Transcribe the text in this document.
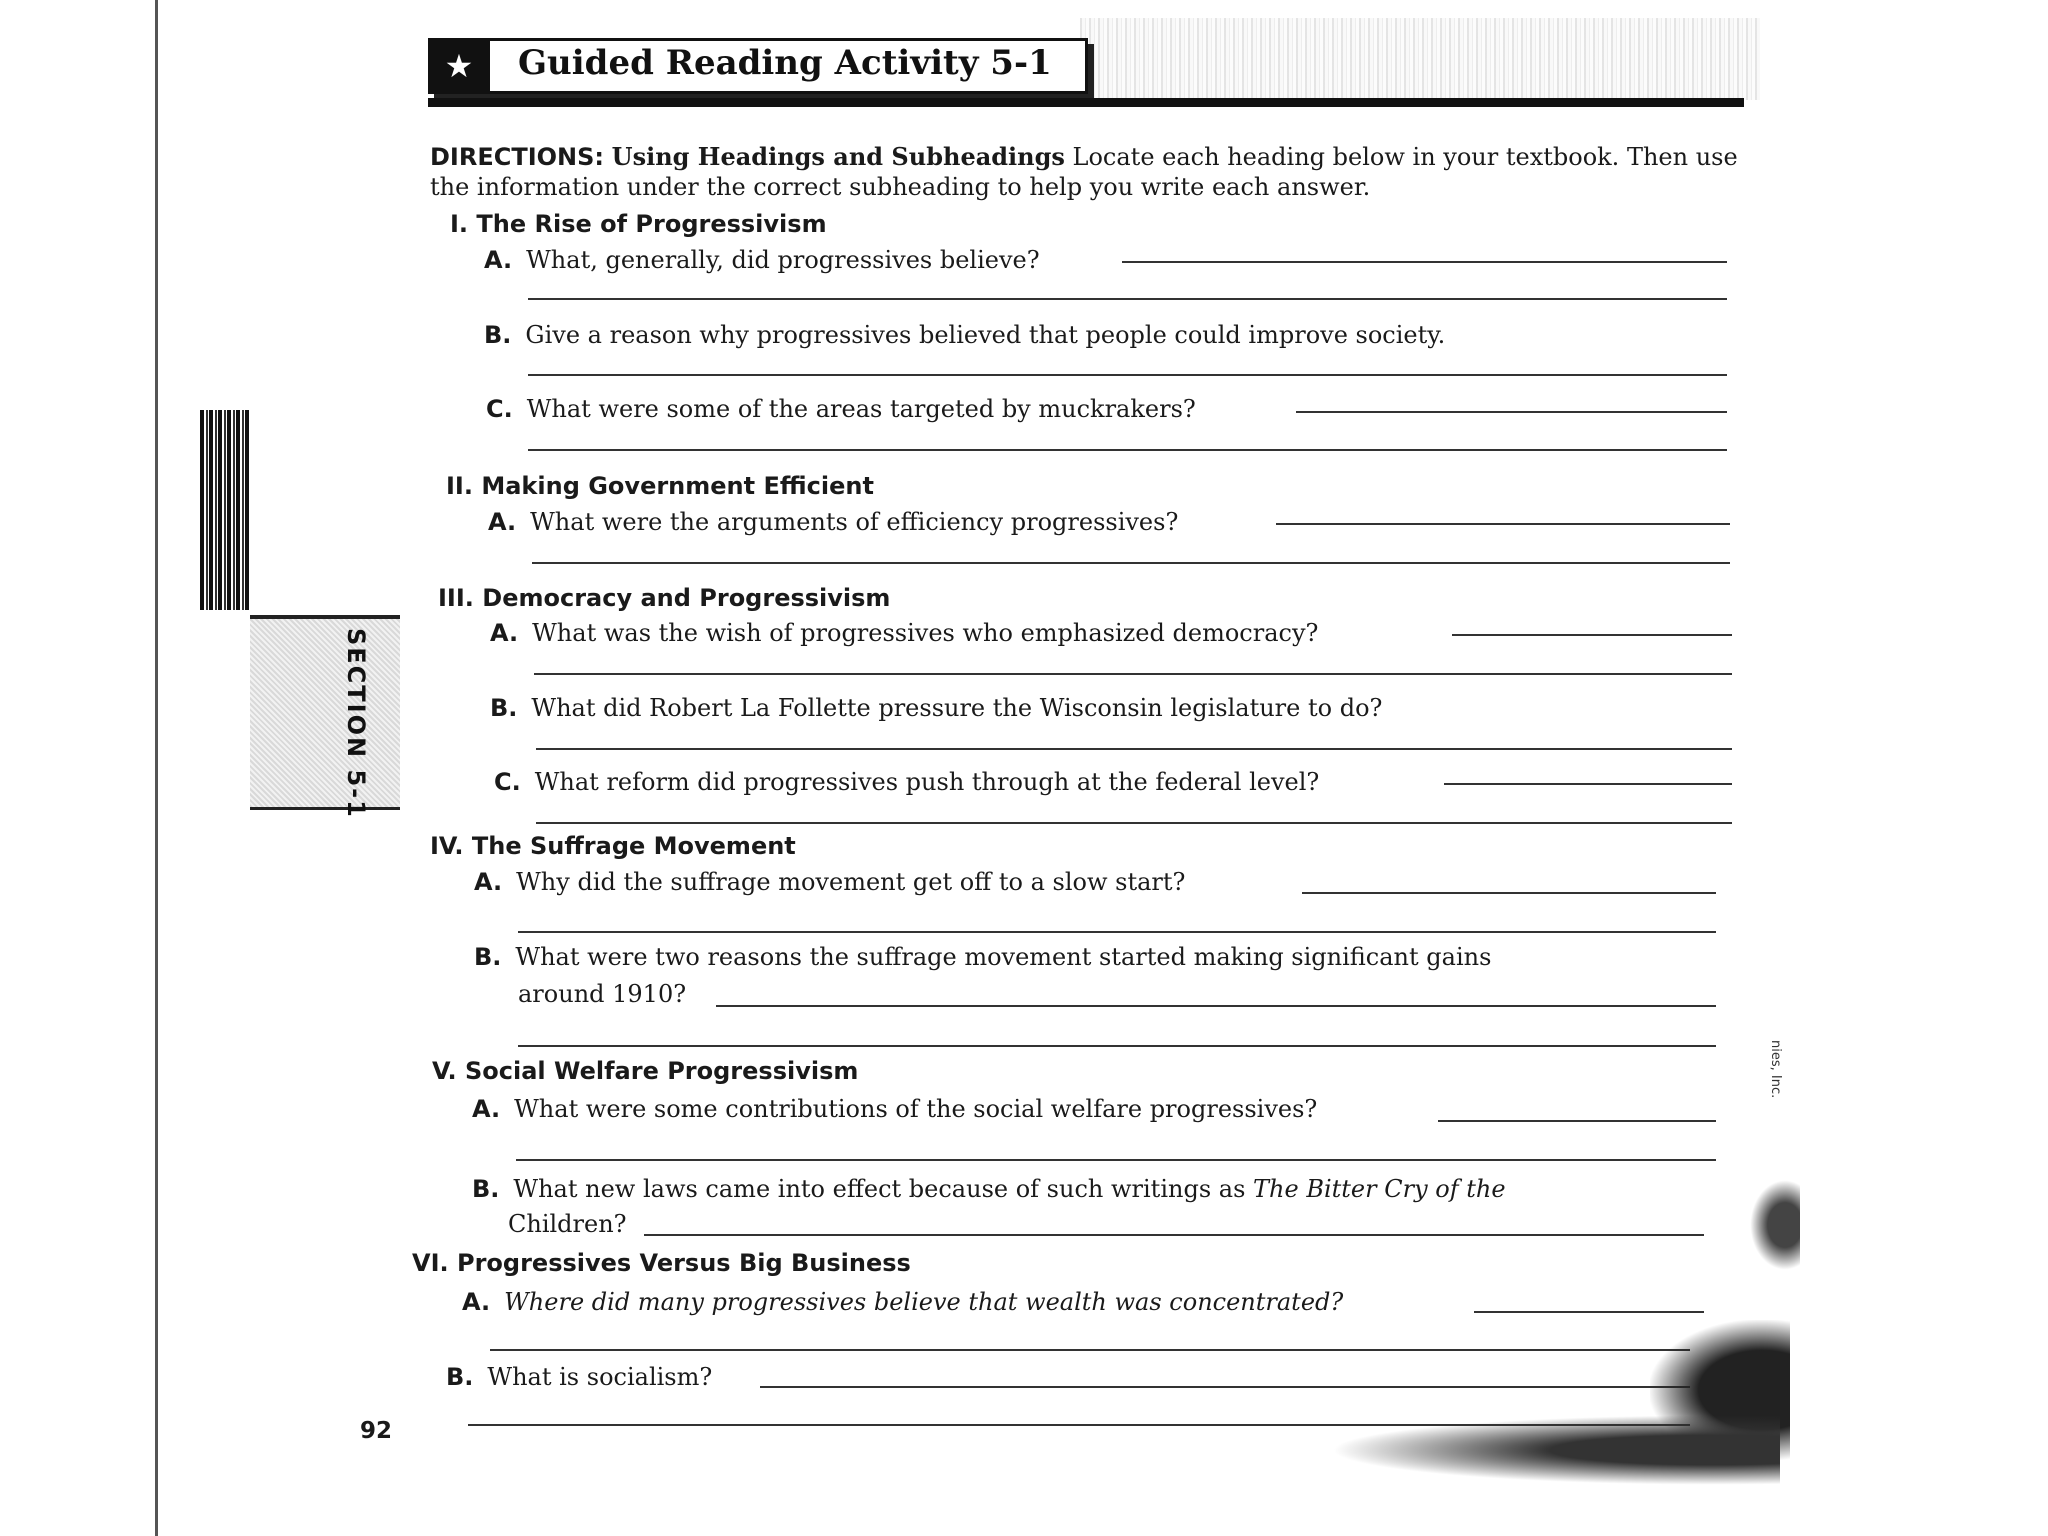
★	Guided Reading Activity 5-1
DIRECTIONS: Using Headings and Subheadings Locate each heading below in your textbook. Then use the information under the correct subheading to help you write each answer.
I. The Rise of Progressivism
A. What, generally, did progressives believe?
B. Give a reason why progressives believed that people could improve society.
C. What were some of the areas targeted by muckrakers?
II. Making Government Efficient
A. What were the arguments of efficiency progressives?
III. Democracy and Progressivism
A. What was the wish of progressives who emphasized democracy?
B. What did Robert La Follette pressure the Wisconsin legislature to do?
C. What reform did progressives push through at the federal level?
IV. The Suffrage Movement
A. Why did the suffrage movement get off to a slow start?
B. What were two reasons the suffrage movement started making significant gains
around 1910?
V. Social Welfare Progressivism
A. What were some contributions of the social welfare progressives?
B. What new laws came into effect because of such writings as The Bitter Cry of the
Children?
VI. Progressives Versus Big Business
A. Where did many progressives believe that wealth was concentrated?
B. What is socialism?
SECTION 5-1
92
nies, Inc.
